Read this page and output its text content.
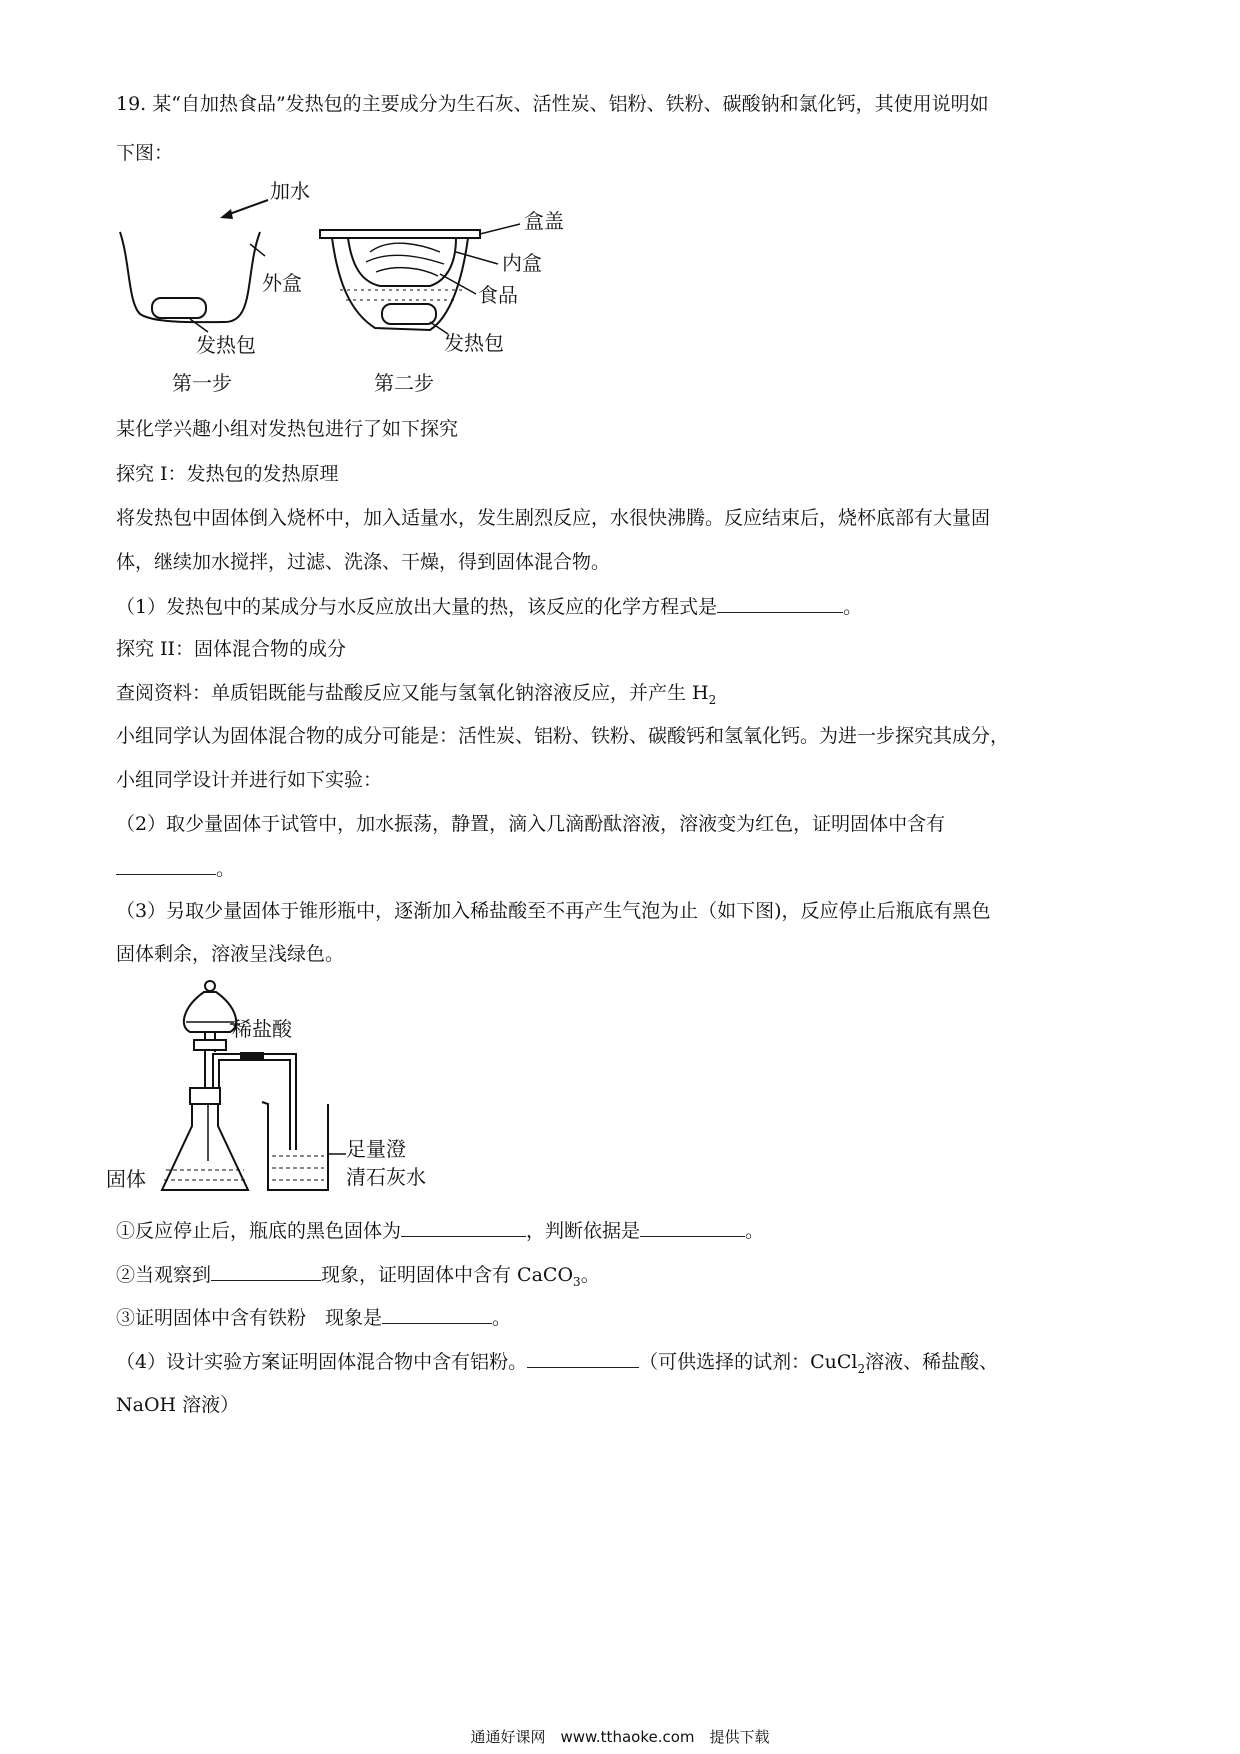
19. 某“自加热食品”发热包的主要成分为生石灰、活性炭、铝粉、铁粉、碳酸钠和氯化钙，其使用说明如
下图：
加水
外盒
发热包
第一步
盒盖
内盒
食品
发热包
第二步
某化学兴趣小组对发热包进行了如下探究
探究 I：发热包的发热原理
将发热包中固体倒入烧杯中，加入适量水，发生剧烈反应，水很快沸腾。反应结束后，烧杯底部有大量固
体，继续加水搅拌，过滤、洗涤、干燥，得到固体混合物。
（1）发热包中的某成分与水反应放出大量的热，该反应的化学方程式是	。
探究 II：固体混合物的成分
查阅资料：单质铝既能与盐酸反应又能与氢氧化钠溶液反应，并产生 $H_2$
小组同学认为固体混合物的成分可能是：活性炭、铝粉、铁粉、碳酸钙和氢氧化钙。为进一步探究其成分，
小组同学设计并进行如下实验：
（2）取少量固体于试管中，加水振荡，静置，滴入几滴酚酞溶液，溶液变为红色，证明固体中含有
。
（3）另取少量固体于锥形瓶中，逐渐加入稀盐酸至不再产生气泡为止（如下图)，反应停止后瓶底有黑色
固体剩余，溶液呈浅绿色。
稀盐酸
固体
足量澄
清石灰水
①反应停止后，瓶底的黑色固体为	，判断依据是	。
②当观察到	现象，证明固体中含有 CaCO$_3$。
③证明固体中含有铁粉　现象是	。
（4）设计实验方案证明固体混合物中含有铝粉。	（可供选择的试剂：CuCl$_2$溶液、稀盐酸、
NaOH 溶液）
通通好课网　www.tthaoke.com　提供下载
